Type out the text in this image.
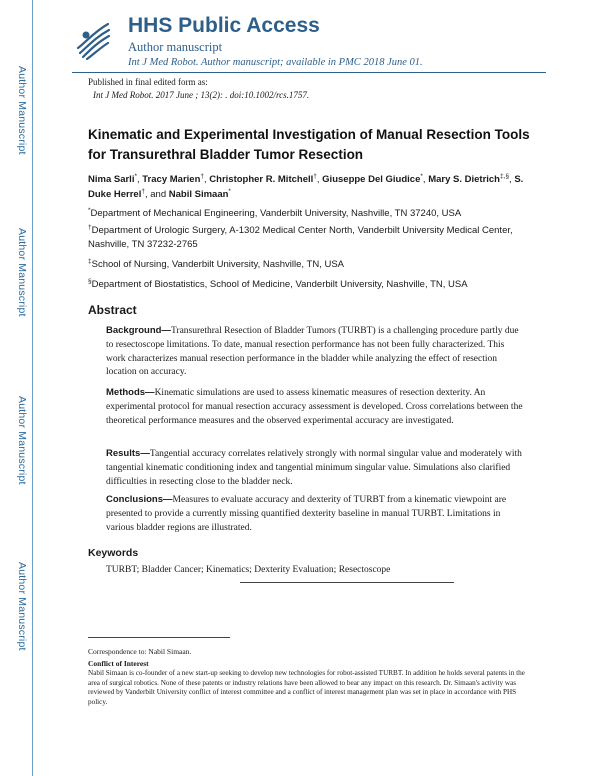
Author Manuscript
Author Manuscript
Author Manuscript
Author Manuscript
HHS Public Access
Author manuscript
Int J Med Robot. Author manuscript; available in PMC 2018 June 01.
Published in final edited form as:
Int J Med Robot. 2017 June ; 13(2): . doi:10.1002/rcs.1757.
Kinematic and Experimental Investigation of Manual Resection Tools for Transurethral Bladder Tumor Resection
Nima Sarli*, Tracy Marien†, Christopher R. Mitchell†, Giuseppe Del Giudice*, Mary S. Dietrich‡,§, S. Duke Herrel†, and Nabil Simaan*
*Department of Mechanical Engineering, Vanderbilt University, Nashville, TN 37240, USA
†Department of Urologic Surgery, A-1302 Medical Center North, Vanderbilt University Medical Center, Nashville, TN 37232-2765
‡School of Nursing, Vanderbilt University, Nashville, TN, USA
§Department of Biostatistics, School of Medicine, Vanderbilt University, Nashville, TN, USA
Abstract
Background—Transurethral Resection of Bladder Tumors (TURBT) is a challenging procedure partly due to resectoscope limitations. To date, manual resection performance has not been fully characterized. This work characterizes manual resection performance in the bladder while analyzing the effect of resection location on accuracy.
Methods—Kinematic simulations are used to assess kinematic measures of resection dexterity. An experimental protocol for manual resection accuracy assessment is developed. Cross correlations between the theoretical performance measures and the observed experimental accuracy are investigated.
Results—Tangential accuracy correlates relatively strongly with normal singular value and moderately with tangential kinematic conditioning index and tangential minimum singular value. Simulations also clarified difficulties in resecting close to the bladder neck.
Conclusions—Measures to evaluate accuracy and dexterity of TURBT from a kinematic viewpoint are presented to provide a currently missing quantified dexterity baseline in manual TURBT. Limitations in various bladder regions are illustrated.
Keywords
TURBT; Bladder Cancer; Kinematics; Dexterity Evaluation; Resectoscope
Correspondence to: Nabil Simaan.
Conflict of Interest
Nabil Simaan is co-founder of a new start-up seeking to develop new technologies for robot-assisted TURBT. In addition he holds several patents in the area of surgical robotics. None of these patents or industry relations have been allowed to bear any impact on this research. Dr. Simaan's activity was reviewed by Vanderbilt University conflict of interest committee and a conflict of interest management plan was set in place in accordance with PHS policy.
